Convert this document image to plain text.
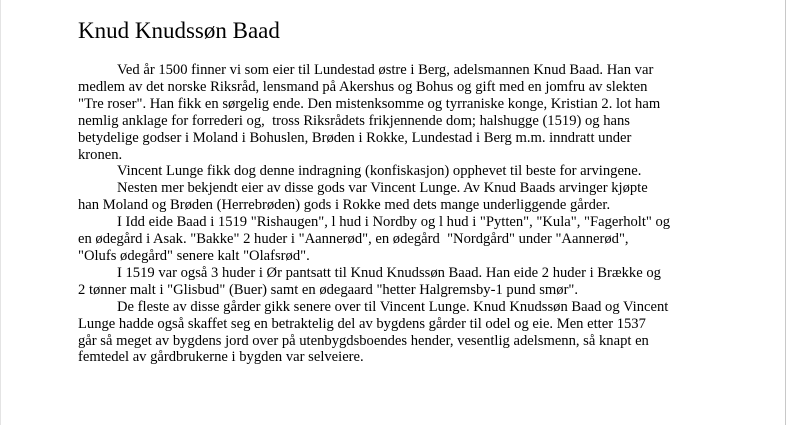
Knud Knudssøn Baad

Ved år 1500 finner vi som eier til Lundestad østre i Berg, adelsmannen Knud Baad. Han var
medlem av det norske Riksråd, lensmand på Akershus og Bohus og gift med en jomfru av slekten
"Tre roser". Han fikk en sørgelig ende. Den mistenksomme og tyrraniske konge, Kristian 2. lot ham
nemlig anklage for forrederi og,  tross Riksrådets frikjennende dom; halshugge (1519) og hans
betydelige godser i Moland i Bohuslen, Brøden i Rokke, Lundestad i Berg m.m. inndratt under
kronen.

Vincent Lunge fikk dog denne indragning (konfiskasjon) opphevet til beste for arvingene.

Nesten mer bekjendt eier av disse gods var Vincent Lunge. Av Knud Baads arvinger kjøpte
han Moland og Brøden (Herrebrøden) gods i Rokke med dets mange underliggende gårder.

I Idd eide Baad i 1519 "Rishaugen", l hud i Nordby og l hud i "Pytten", "Kula", "Fagerholt" og
en ødegård i Asak. "Bakke" 2 huder i "Aannerød", en ødegård  "Nordgård" under "Aannerød",
"Olufs ødegård" senere kalt "Olafsrød".

I 1519 var også 3 huder i Ør pantsatt til Knud Knudssøn Baad. Han eide 2 huder i Brække og
2 tønner malt i "Glisbud" (Buer) samt en ødegaard "hetter Halgremsby-1 pund smør".

De fleste av disse gårder gikk senere over til Vincent Lunge. Knud Knudssøn Baad og Vincent
Lunge hadde også skaffet seg en betraktelig del av bygdens gårder til odel og eie. Men etter 1537
går så meget av bygdens jord over på utenbygdsboendes hender, vesentlig adelsmenn, så knapt en
femtedel av gårdbrukerne i bygden var selveiere.
